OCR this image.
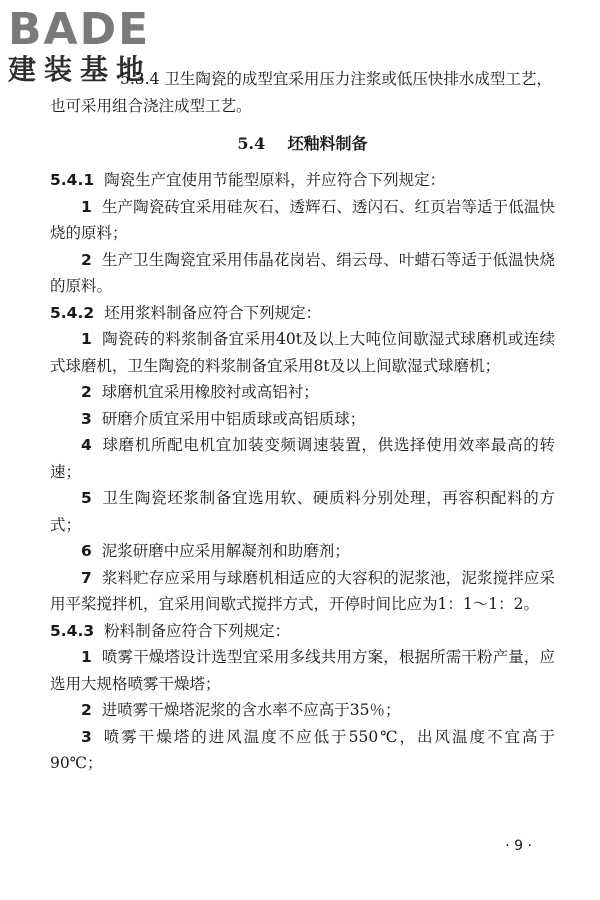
BADE
建装基地

5.3.4 卫生陶瓷的成型宜采用压力注浆或低压快排水成型工艺，

也可采用组合浇注成型工艺。

5.4 坯釉料制备

5.4.1 陶瓷生产宜使用节能型原料，并应符合下列规定：

1 生产陶瓷砖宜采用硅灰石、透辉石、透闪石、红页岩等适于低温快烧的原料；

2 生产卫生陶瓷宜采用伟晶花岗岩、绢云母、叶蜡石等适于低温快烧的原料。

5.4.2 坯用浆料制备应符合下列规定：

1 陶瓷砖的料浆制备宜采用40t及以上大吨位间歇湿式球磨机或连续式球磨机，卫生陶瓷的料浆制备宜采用8t及以上间歇湿式球磨机；

2 球磨机宜采用橡胶衬或高铝衬；

3 研磨介质宜采用中铝质球或高铝质球；

4 球磨机所配电机宜加装变频调速装置，供选择使用效率最高的转速；

5 卫生陶瓷坯浆制备宜选用软、硬质料分别处理，再容积配料的方式；

6 泥浆研磨中应采用解凝剂和助磨剂；

7 浆料贮存应采用与球磨机相适应的大容积的泥浆池，泥浆搅拌应采用平桨搅拌机，宜采用间歇式搅拌方式，开停时间比应为1：1～1：2。

5.4.3 粉料制备应符合下列规定：

1 喷雾干燥塔设计选型宜采用多线共用方案，根据所需干粉产量，应选用大规格喷雾干燥塔；

2 进喷雾干燥塔泥浆的含水率不应高于35％；

3 喷雾干燥塔的进风温度不应低于550℃，出风温度不宜高于90℃；

· 9 ·
